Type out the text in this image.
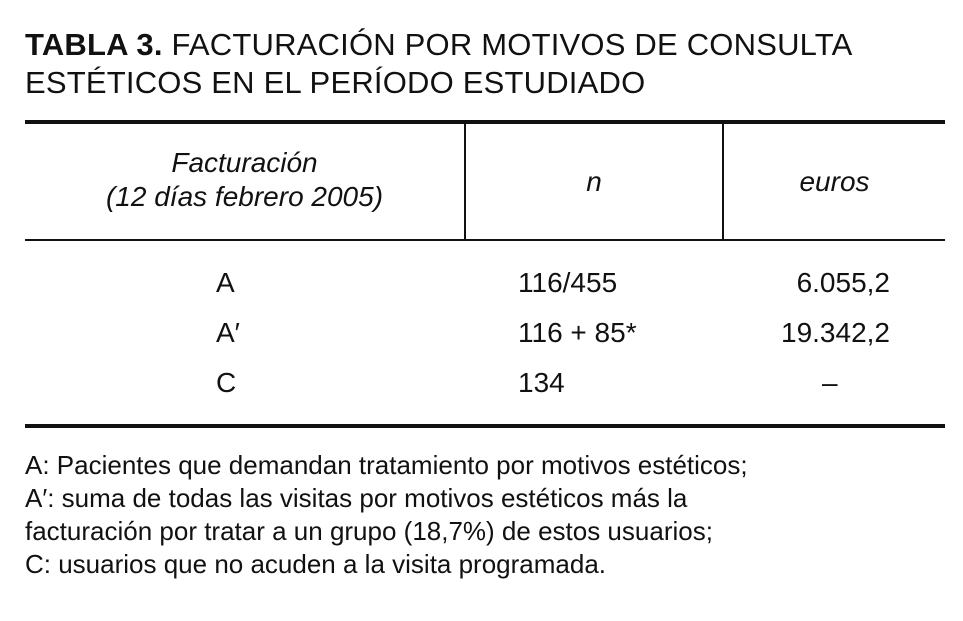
TABLA 3. FACTURACIÓN POR MOTIVOS DE CONSULTA
ESTÉTICOS EN EL PERÍODO ESTUDIADO
Facturación
(12 días febrero 2005)	n	euros
A	116/455	6.055,2
A′	116 + 85*	19.342,2
C	134	–
A: Pacientes que demandan tratamiento por motivos estéticos;
A′: suma de todas las visitas por motivos estéticos más la
facturación por tratar a un grupo (18,7%) de estos usuarios;
C: usuarios que no acuden a la visita programada.
